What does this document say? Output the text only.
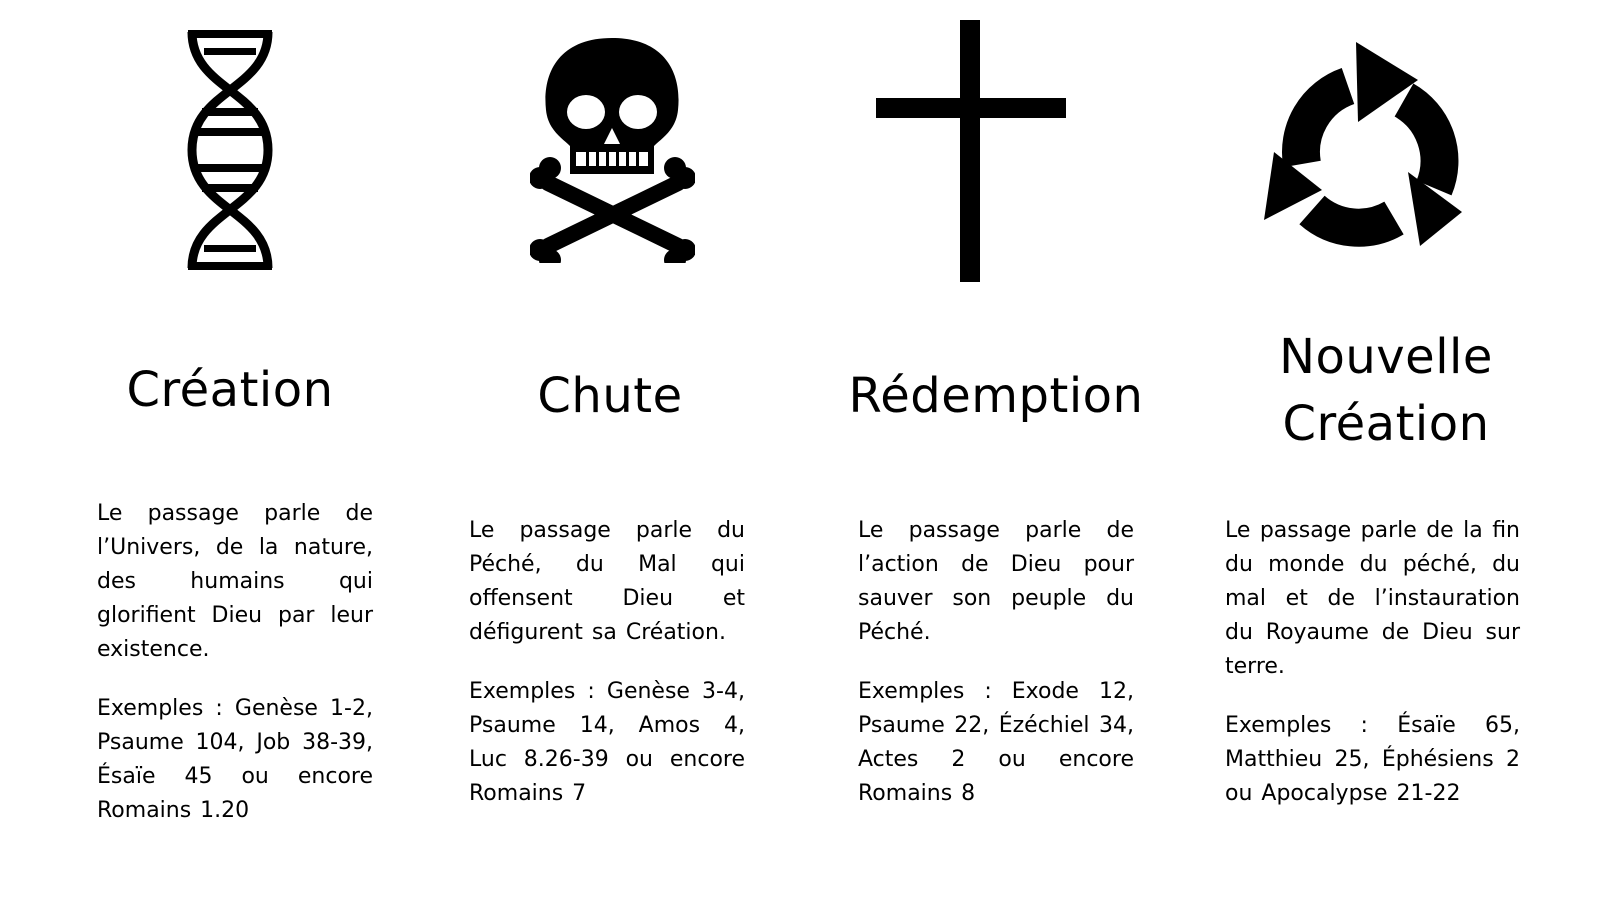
Création

Le passage parle de l’Univers, de la nature, des humains qui glorifient Dieu par leur existence.

Exemples : Genèse 1-2, Psaume 104, Job 38-39, Ésaïe 45 ou encore Romains 1.20

Chute

Le passage parle du Péché, du Mal qui offensent Dieu et défigurent sa Création.

Exemples : Genèse 3-4, Psaume 14, Amos 4, Luc 8.26-39 ou encore Romains 7

Rédemption

Le passage parle de l’action de Dieu pour sauver son peuple du Péché.

Exemples : Exode 12, Psaume 22, Ézéchiel 34, Actes 2 ou encore Romains 8

Nouvelle
Création

Le passage parle de la fin du monde du péché, du mal et de l’instauration du Royaume de Dieu sur terre.

Exemples : Ésaïe 65, Matthieu 25, Éphésiens 2 ou Apocalypse 21-22
